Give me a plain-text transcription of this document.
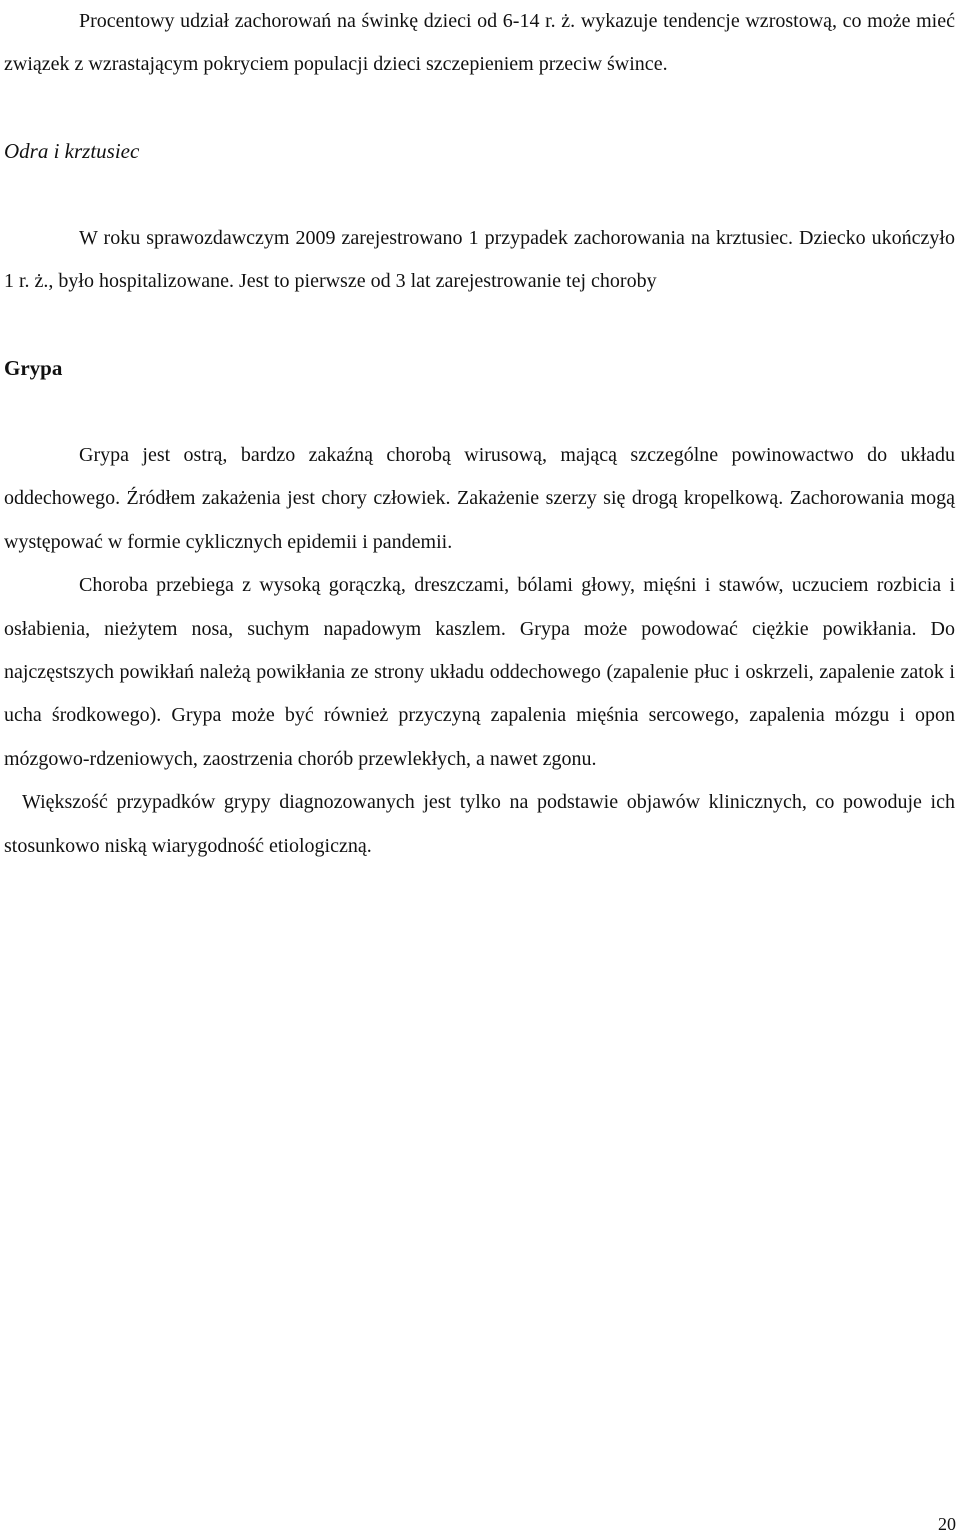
Procentowy udział zachorowań na świnkę dzieci od 6-14 r. ż. wykazuje tendencje wzrostową, co może mieć związek z wzrastającym pokryciem populacji dzieci szczepieniem przeciw śwince.

Odra i krztusiec

W roku sprawozdawczym 2009 zarejestrowano 1 przypadek zachorowania na krztusiec. Dziecko ukończyło 1 r. ż., było hospitalizowane. Jest to pierwsze od 3 lat zarejestrowanie tej choroby

Grypa

Grypa jest ostrą, bardzo zakaźną chorobą wirusową, mającą szczególne powinowactwo do układu oddechowego. Źródłem zakażenia jest chory człowiek. Zakażenie szerzy się drogą kropelkową. Zachorowania mogą występować w formie cyklicznych epidemii i pandemii.

Choroba przebiega z wysoką gorączką, dreszczami, bólami głowy, mięśni i stawów, uczuciem rozbicia i osłabienia, nieżytem nosa, suchym napadowym kaszlem. Grypa może powodować ciężkie powikłania. Do najczęstszych powikłań należą powikłania ze strony układu oddechowego (zapalenie płuc i oskrzeli, zapalenie zatok i ucha środkowego). Grypa może być również przyczyną zapalenia mięśnia sercowego, zapalenia mózgu i opon mózgowo-rdzeniowych, zaostrzenia chorób przewlekłych, a nawet zgonu.

Większość przypadków grypy diagnozowanych jest tylko na podstawie objawów klinicznych, co powoduje ich stosunkowo niską wiarygodność etiologiczną.

20
